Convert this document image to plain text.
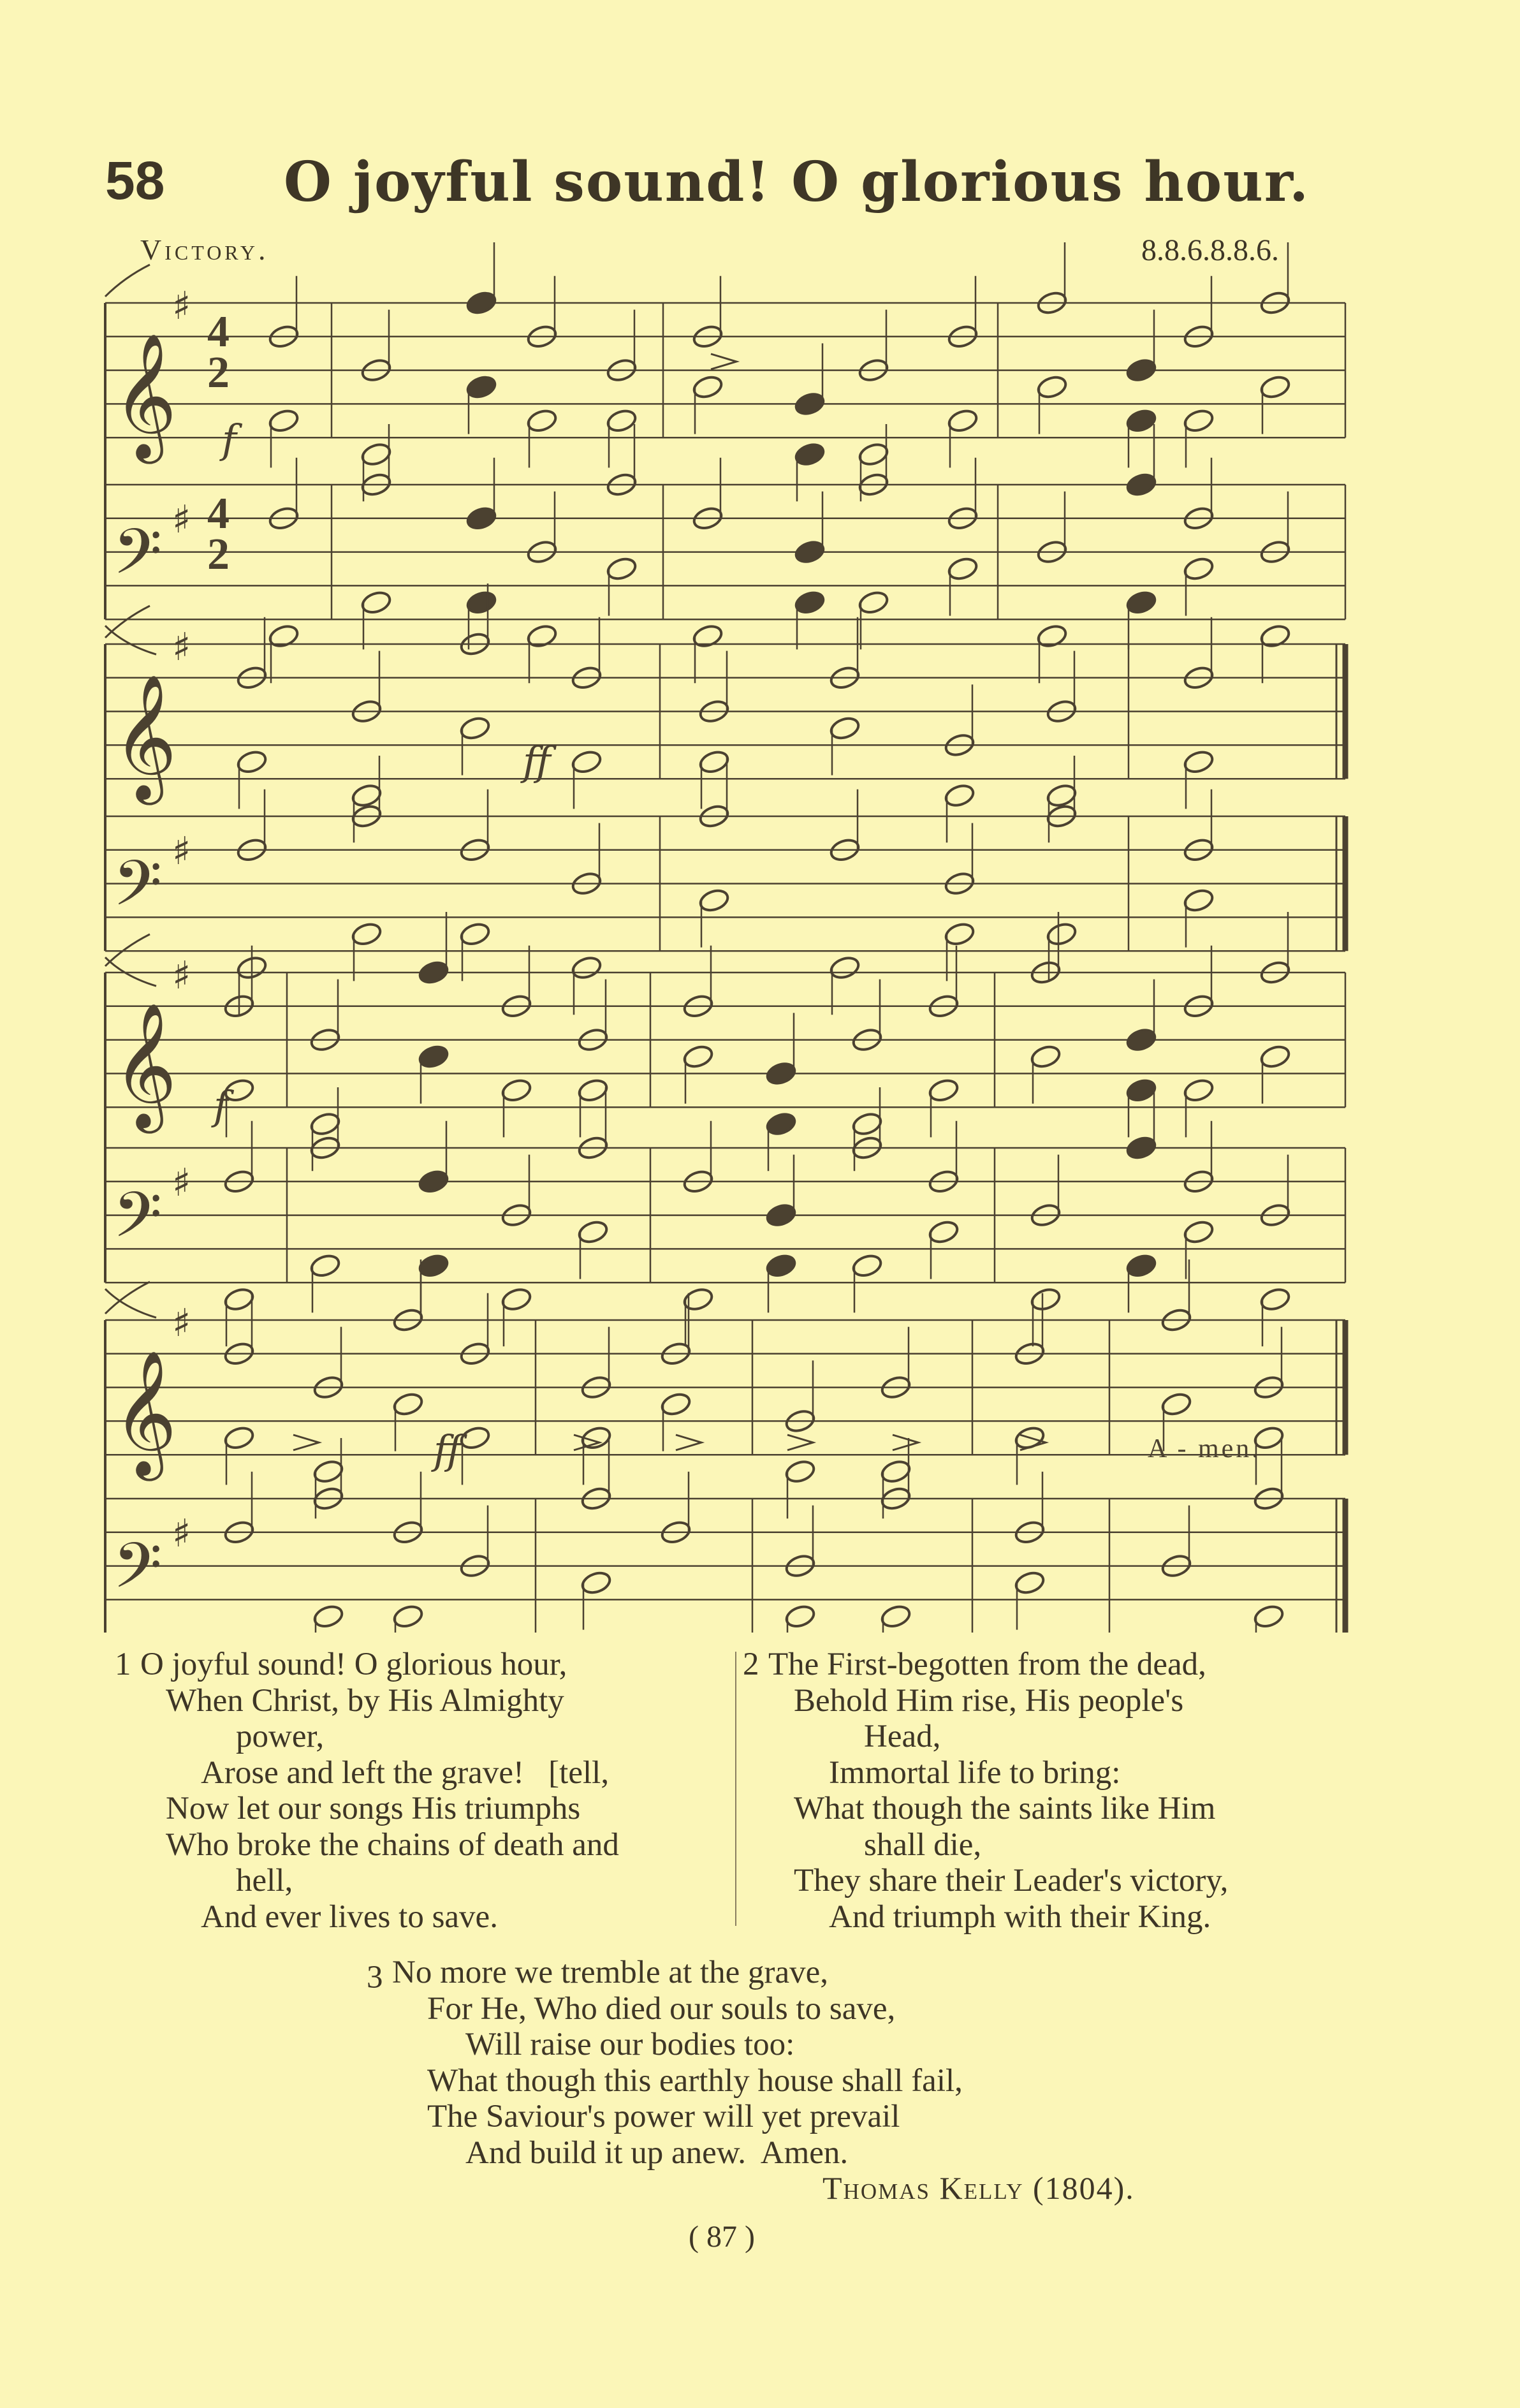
58 O joyful sound! O glorious hour.
Victory.	8.8.6.8.8.6.
𝄞
𝄢
♯
♯
4
2
4
2
𝄞
𝄢
♯
♯
𝄞
𝄢
♯
♯
𝄞
𝄢
♯
♯
f
ff
f
ff	A - men.
1 O joyful sound! O glorious hour,
When Christ, by His Almighty
power,
Arose and left the grave!   [tell,
Now let our songs His triumphs
Who broke the chains of death and
hell,
And ever lives to save.
2 The First-begotten from the dead,
Behold Him rise, His people's
Head,
Immortal life to bring:
What though the saints like Him
shall die,
They share their Leader's victory,
And triumph with their King.
3 No more we tremble at the grave,
For He, Who died our souls to save,
Will raise our bodies too:
What though this earthly house shall fail,
The Saviour's power will yet prevail
And build it up anew.  Amen.
Thomas Kelly (1804).
( 87 )
